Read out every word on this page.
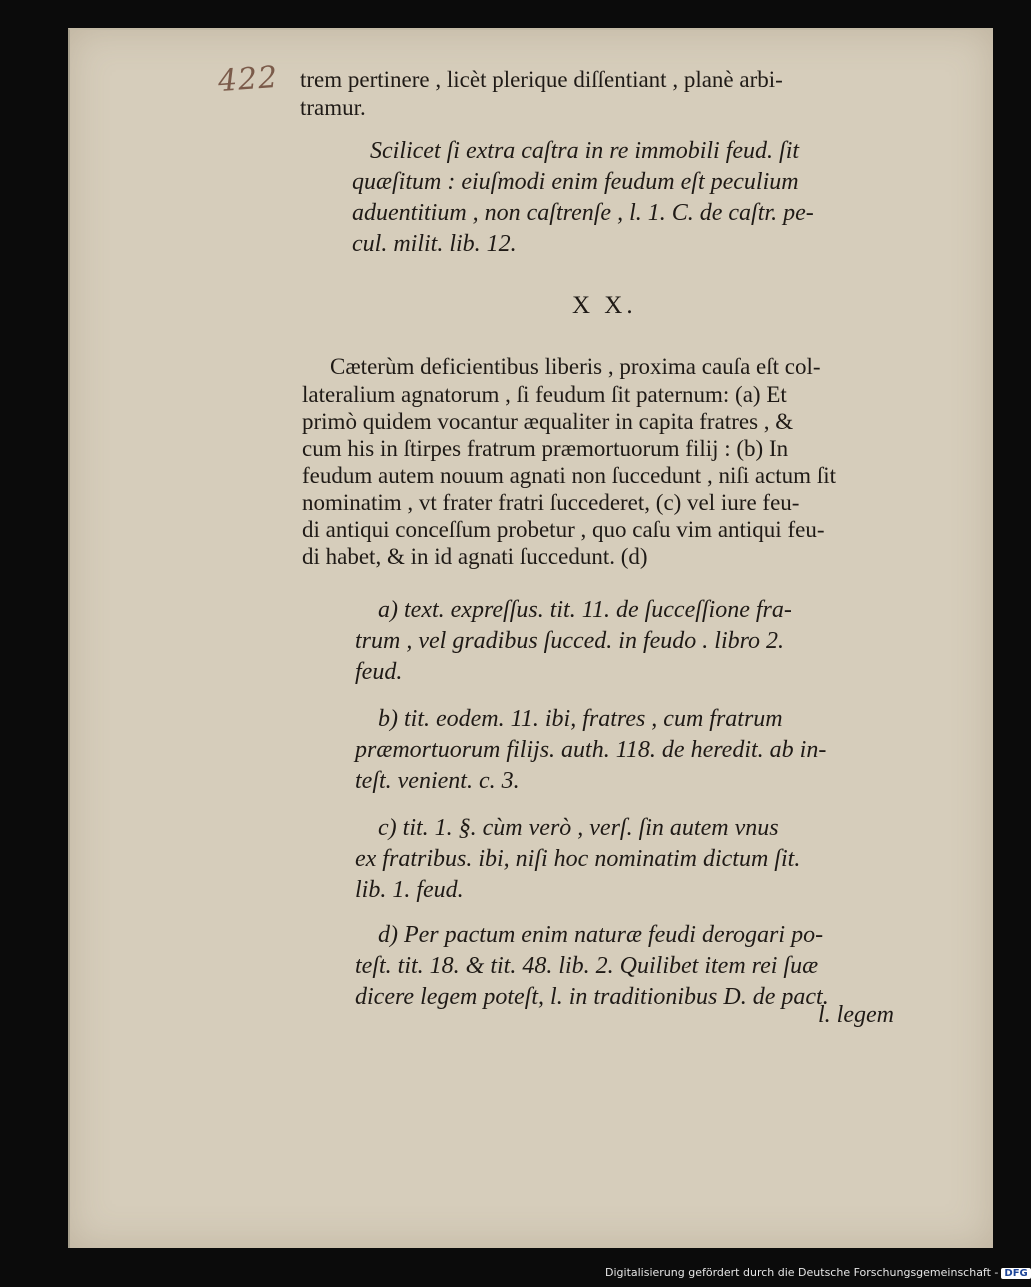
422 trem pertinere , licèt plerique diſſentiant , planè arbi-
tramur.
Scilicet ſi extra caſtra in re immobili feud. ſit
quæſitum : eiuſmodi enim feudum eſt peculium
aduentitium , non caſtrenſe , l. 1. C. de caſtr. pe-
cul. milit. lib. 12.
X X.
Cæterùm deficientibus liberis , proxima cauſa eſt col-
lateralium agnatorum , ſi feudum ſit paternum: (a) Et
primò quidem vocantur æqualiter in capita fratres , &
cum his in ſtirpes fratrum præmortuorum filij : (b) In
feudum autem nouum agnati non ſuccedunt , niſi actum ſit
nominatim , vt frater fratri ſuccederet, (c) vel iure feu-
di antiqui conceſſum probetur , quo caſu vim antiqui feu-
di habet, & in id agnati ſuccedunt. (d)
a) text. expreſſus. tit. 11. de ſucceſſione fra-
trum , vel gradibus ſucced. in feudo . libro 2.
feud.
b) tit. eodem. 11. ibi, fratres , cum fratrum
præmortuorum filijs. auth. 118. de heredit. ab in-
teſt. venient. c. 3.
c) tit. 1. §. cùm verò , verſ. ſin autem vnus
ex fratribus. ibi, niſi hoc nominatim dictum ſit.
lib. 1. feud.
d) Per pactum enim naturæ feudi derogari po-
teſt. tit. 18. & tit. 48. lib. 2. Quilibet item rei ſuæ
dicere legem poteſt, l. in traditionibus D. de pact.
l. legem
Digitalisierung gefördert durch die Deutsche Forschungsgemeinschaft - DFG
